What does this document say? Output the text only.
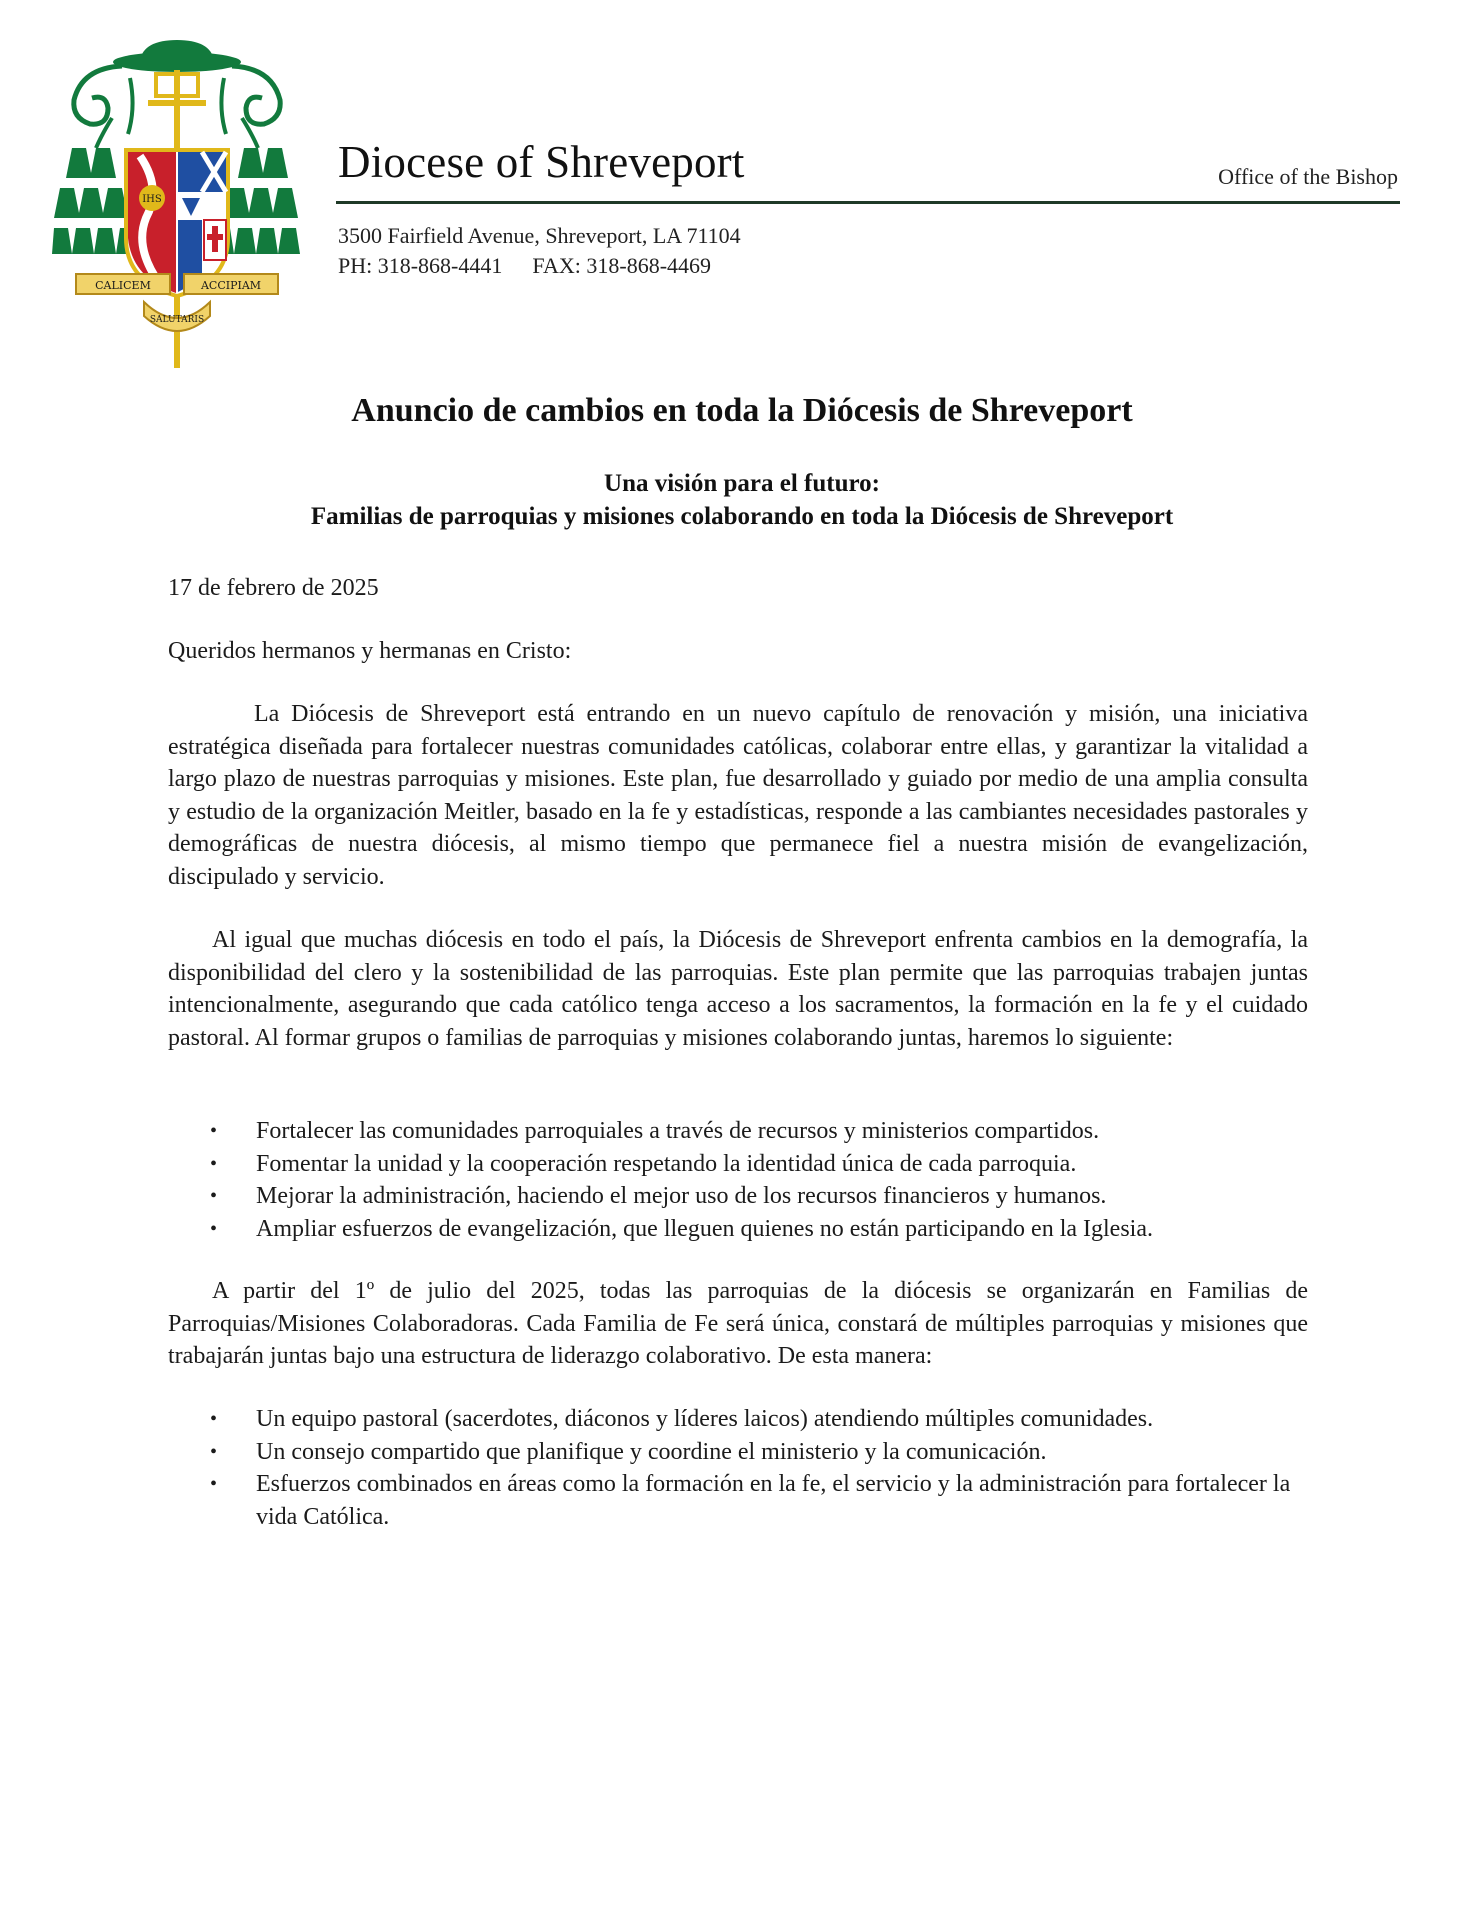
IHS
CALICEM	ACCIPIAM
SALUTARIS
Diocese of Shreveport	Office of the Bishop
3500 Fairfield Avenue, Shreveport, LA 71104
PH: 318-868-4441 FAX: 318-868-4469
Anuncio de cambios en toda la Diócesis de Shreveport
Una visión para el futuro:
Familias de parroquias y misiones colaborando en toda la Diócesis de Shreveport
17 de febrero de 2025
Queridos hermanos y hermanas en Cristo:
La Diócesis de Shreveport está entrando en un nuevo capítulo de renovación y misión, una iniciativa estratégica diseñada para fortalecer nuestras comunidades católicas, colaborar entre ellas, y garantizar la vitalidad a largo plazo de nuestras parroquias y misiones. Este plan, fue desarrollado y guiado por medio de una amplia consulta y estudio de la organización Meitler, basado en la fe y estadísticas, responde a las cambiantes necesidades pastorales y demográficas de nuestra diócesis, al mismo tiempo que permanece fiel a nuestra misión de evangelización, discipulado y servicio.
Al igual que muchas diócesis en todo el país, la Diócesis de Shreveport enfrenta cambios en la demografía, la disponibilidad del clero y la sostenibilidad de las parroquias. Este plan permite que las parroquias trabajen juntas intencionalmente, asegurando que cada católico tenga acceso a los sacramentos, la formación en la fe y el cuidado pastoral. Al formar grupos o familias de parroquias y misiones colaborando juntas, haremos lo siguiente:
• Fortalecer las comunidades parroquiales a través de recursos y ministerios compartidos.
• Fomentar la unidad y la cooperación respetando la identidad única de cada parroquia.
• Mejorar la administración, haciendo el mejor uso de los recursos financieros y humanos.
• Ampliar esfuerzos de evangelización, que lleguen quienes no están participando en la Iglesia.
A partir del 1º de julio del 2025, todas las parroquias de la diócesis se organizarán en Familias de Parroquias/Misiones Colaboradoras. Cada Familia de Fe será única, constará de múltiples parroquias y misiones que trabajarán juntas bajo una estructura de liderazgo colaborativo. De esta manera:
• Un equipo pastoral (sacerdotes, diáconos y líderes laicos) atendiendo múltiples comunidades.
• Un consejo compartido que planifique y coordine el ministerio y la comunicación.
• Esfuerzos combinados en áreas como la formación en la fe, el servicio y la administración para fortalecer la vida Católica.
